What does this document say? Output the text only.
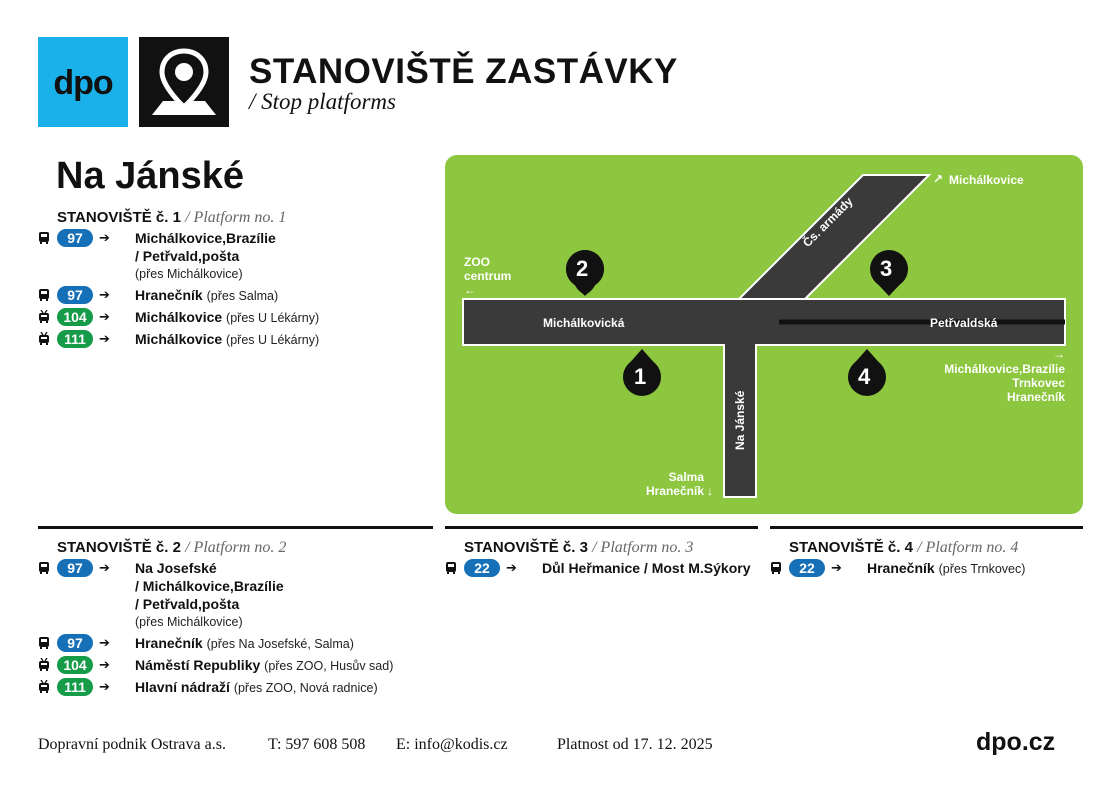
dpo	STANOVIŠTĚ ZASTÁVKY
/ Stop platforms
Na Jánské
STANOVIŠTĚ č. 1 / Platform no. 1
97	➔ Michálkovice,Brazílie
/ Petřvald,pošta
(přes Michálkovice)
97	➔ Hranečník (přes Salma)
104 ➔ Michálkovice (přes U Lékárny)
111	➔ Michálkovice (přes U Lékárny)
STANOVIŠTĚ č. 2 / Platform no. 2
97	➔ Na Josefské
/ Michálkovice,Brazílie
/ Petřvald,pošta
(přes Michálkovice)
97	➔ Hranečník (přes Na Josefské, Salma)
104 ➔ Náměstí Republiky (přes ZOO, Husův sad)
111	➔ Hlavní nádraží (přes ZOO, Nová radnice)
STANOVIŠTĚ č. 3 / Platform no. 3
22	➔ Důl Heřmanice / Most M.Sýkory
STANOVIŠTĚ č. 4 / Platform no. 4
22	➔ Hranečník (přes Trnkovec)
Michálkovická	Petřvaldská
Čs. armády
Na Jánské
2	3
1	4
↗ Michálkovice
ZOO
centrum
←
Salma
Hranečník ↓
→
Michálkovice,Brazílie
Trnkovec
Hranečník
Dopravní podnik Ostrava a.s.	T: 597 608 508 E: info@kodis.cz	Platnost od 17. 12. 2025	dpo.cz
